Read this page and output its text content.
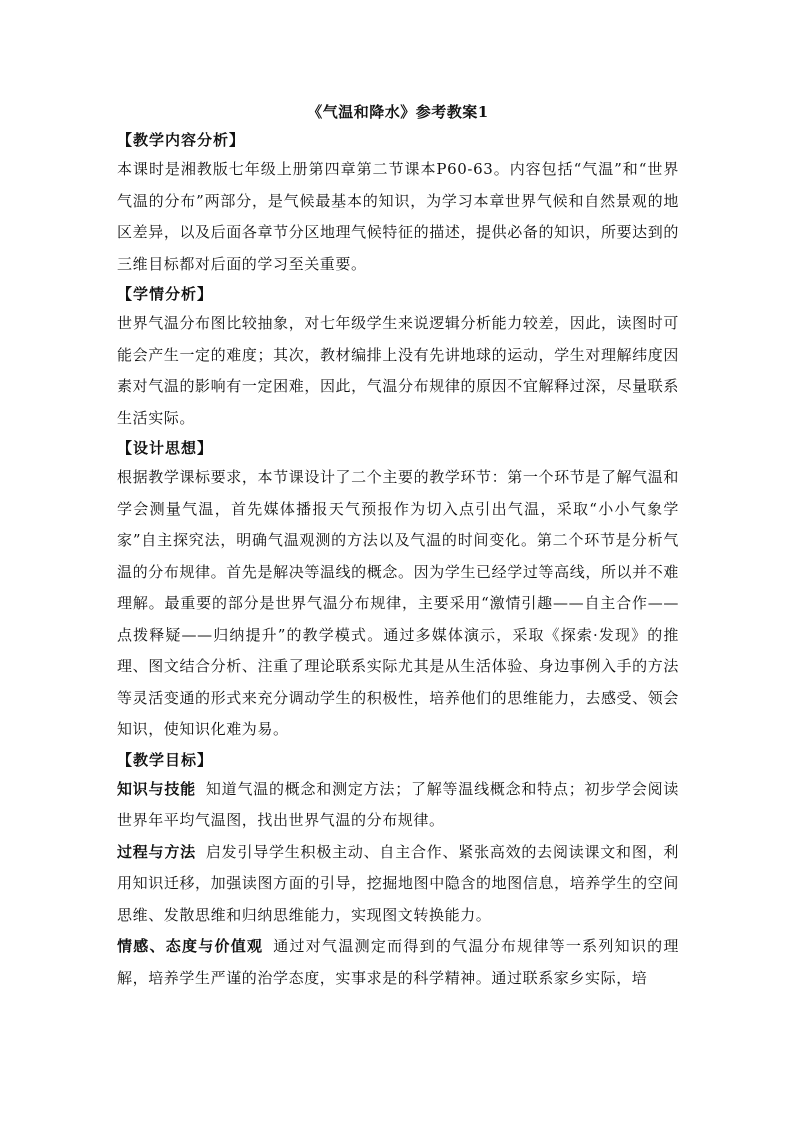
《气温和降水》参考教案1

【教学内容分析】

本课时是湘教版七年级上册第四章第二节课本P60-63。内容包括“气温”和“世界气温的分布”两部分，是气候最基本的知识，为学习本章世界气候和自然景观的地区差异，以及后面各章节分区地理气候特征的描述，提供必备的知识，所要达到的三维目标都对后面的学习至关重要。

【学情分析】

世界气温分布图比较抽象，对七年级学生来说逻辑分析能力较差，因此，读图时可能会产生一定的难度；其次，教材编排上没有先讲地球的运动，学生对理解纬度因素对气温的影响有一定困难，因此，气温分布规律的原因不宜解释过深，尽量联系生活实际。

【设计思想】

根据教学课标要求，本节课设计了二个主要的教学环节：第一个环节是了解气温和学会测量气温，首先媒体播报天气预报作为切入点引出气温，采取“小小气象学家”自主探究法，明确气温观测的方法以及气温的时间变化。第二个环节是分析气温的分布规律。首先是解决等温线的概念。因为学生已经学过等高线，所以并不难理解。最重要的部分是世界气温分布规律，主要采用“激情引趣——自主合作——点拨释疑——归纳提升”的教学模式。通过多媒体演示，采取《探索·发现》的推理、图文结合分析、注重了理论联系实际尤其是从生活体验、身边事例入手的方法等灵活变通的形式来充分调动学生的积极性，培养他们的思维能力，去感受、领会知识，使知识化难为易。

【教学目标】

知识与技能 知道气温的概念和测定方法；了解等温线概念和特点；初步学会阅读世界年平均气温图，找出世界气温的分布规律。

过程与方法 启发引导学生积极主动、自主合作、紧张高效的去阅读课文和图，利用知识迁移，加强读图方面的引导，挖掘地图中隐含的地图信息，培养学生的空间思维、发散思维和归纳思维能力，实现图文转换能力。

情感、态度与价值观 通过对气温测定而得到的气温分布规律等一系列知识的理解，培养学生严谨的治学态度，实事求是的科学精神。通过联系家乡实际，培
